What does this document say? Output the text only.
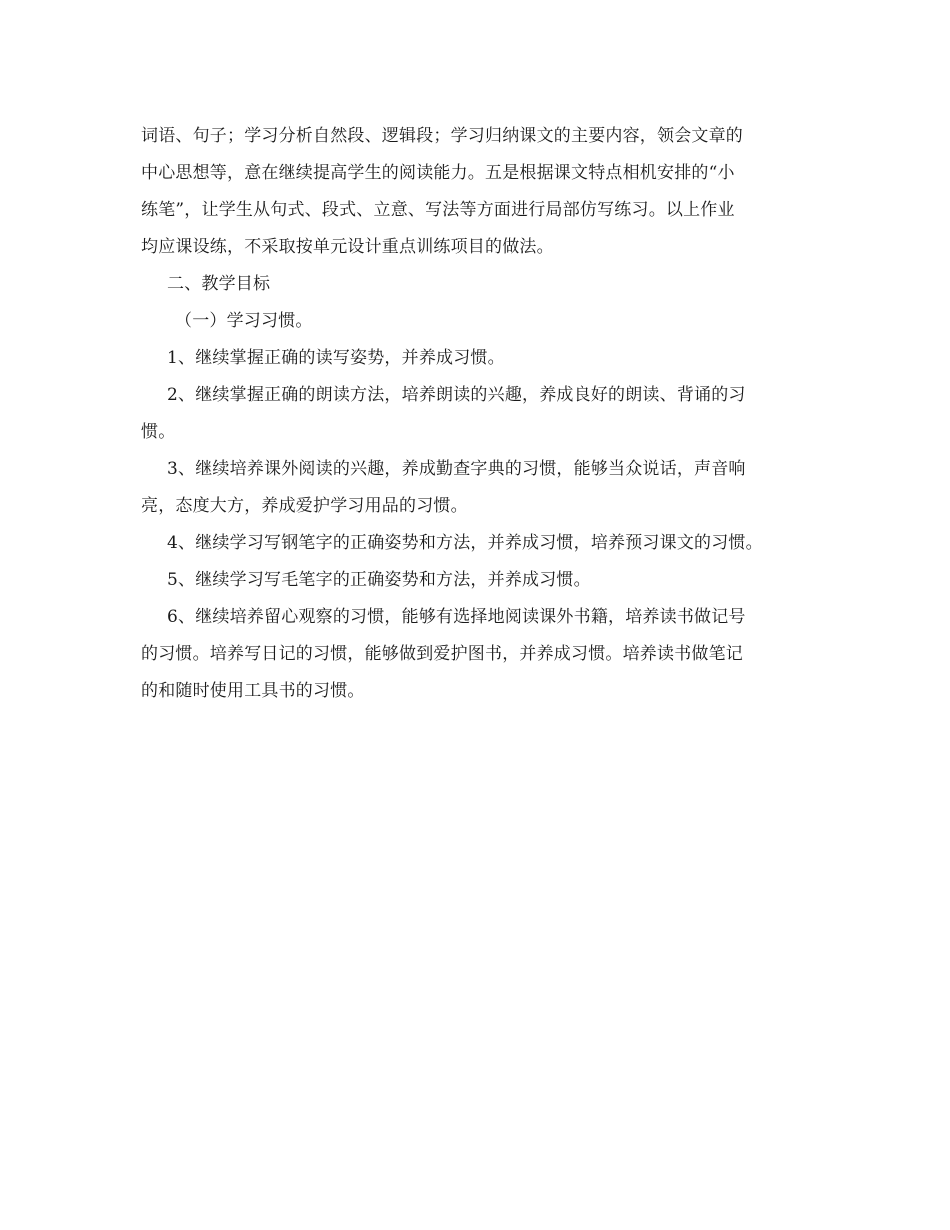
词语、句子；学习分析自然段、逻辑段；学习归纳课文的主要内容，领会文章的
中心思想等，意在继续提高学生的阅读能力。五是根据课文特点相机安排的“小
练笔”，让学生从句式、段式、立意、写法等方面进行局部仿写练习。以上作业
均应课设练，不采取按单元设计重点训练项目的做法。
二、教学目标
（一）学习习惯。
1、继续掌握正确的读写姿势，并养成习惯。
2、继续掌握正确的朗读方法，培养朗读的兴趣，养成良好的朗读、背诵的习
惯。
3、继续培养课外阅读的兴趣，养成勤查字典的习惯，能够当众说话，声音响
亮，态度大方，养成爱护学习用品的习惯。
4、继续学习写钢笔字的正确姿势和方法，并养成习惯，培养预习课文的习惯。
5、继续学习写毛笔字的正确姿势和方法，并养成习惯。
6、继续培养留心观察的习惯，能够有选择地阅读课外书籍，培养读书做记号
的习惯。培养写日记的习惯，能够做到爱护图书，并养成习惯。培养读书做笔记
的和随时使用工具书的习惯。
